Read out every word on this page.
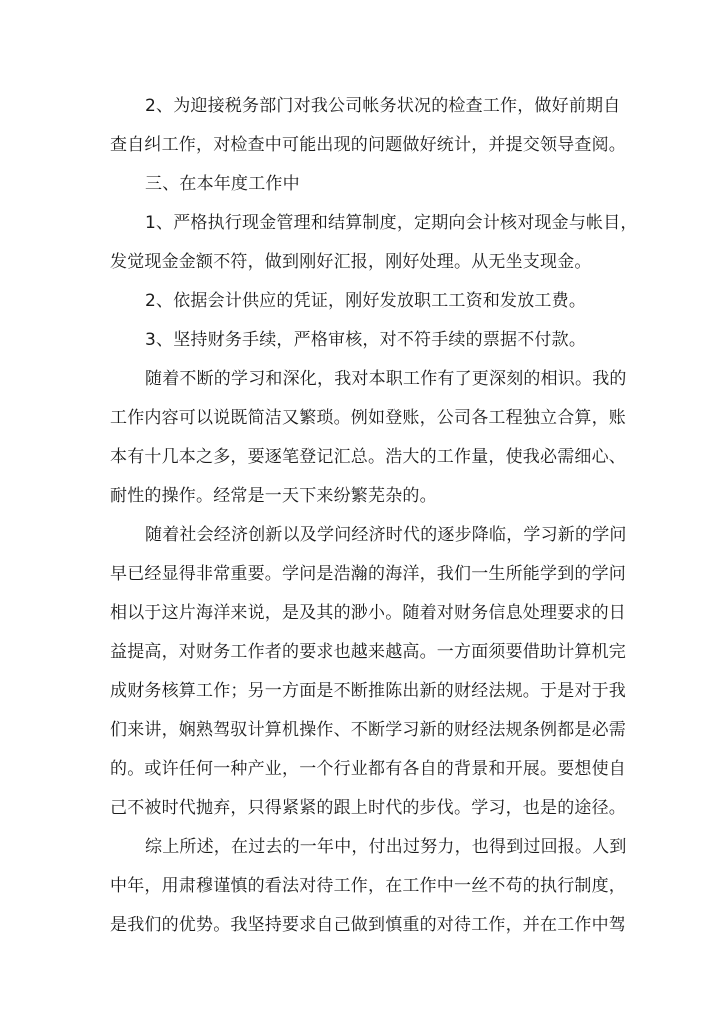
2、为迎接税务部门对我公司帐务状况的检查工作，做好前期自
查自纠工作，对检查中可能出现的问题做好统计，并提交领导查阅。
三、在本年度工作中
1、严格执行现金管理和结算制度，定期向会计核对现金与帐目，
发觉现金金额不符，做到刚好汇报，刚好处理。从无坐支现金。
2、依据会计供应的凭证，刚好发放职工工资和发放工费。
3、坚持财务手续，严格审核，对不符手续的票据不付款。
随着不断的学习和深化，我对本职工作有了更深刻的相识。我的
工作内容可以说既简洁又繁琐。例如登账，公司各工程独立合算，账
本有十几本之多，要逐笔登记汇总。浩大的工作量，使我必需细心、
耐性的操作。经常是一天下来纷繁芜杂的。
随着社会经济创新以及学问经济时代的逐步降临，学习新的学问
早已经显得非常重要。学问是浩瀚的海洋，我们一生所能学到的学问
相以于这片海洋来说，是及其的渺小。随着对财务信息处理要求的日
益提高，对财务工作者的要求也越来越高。一方面须要借助计算机完
成财务核算工作；另一方面是不断推陈出新的财经法规。于是对于我
们来讲，娴熟驾驭计算机操作、不断学习新的财经法规条例都是必需
的。或许任何一种产业，一个行业都有各自的背景和开展。要想使自
己不被时代抛弃，只得紧紧的跟上时代的步伐。学习，也是的途径。
综上所述，在过去的一年中，付出过努力，也得到过回报。人到
中年，用肃穆谨慎的看法对待工作，在工作中一丝不苟的执行制度，
是我们的优势。我坚持要求自己做到慎重的对待工作，并在工作中驾
